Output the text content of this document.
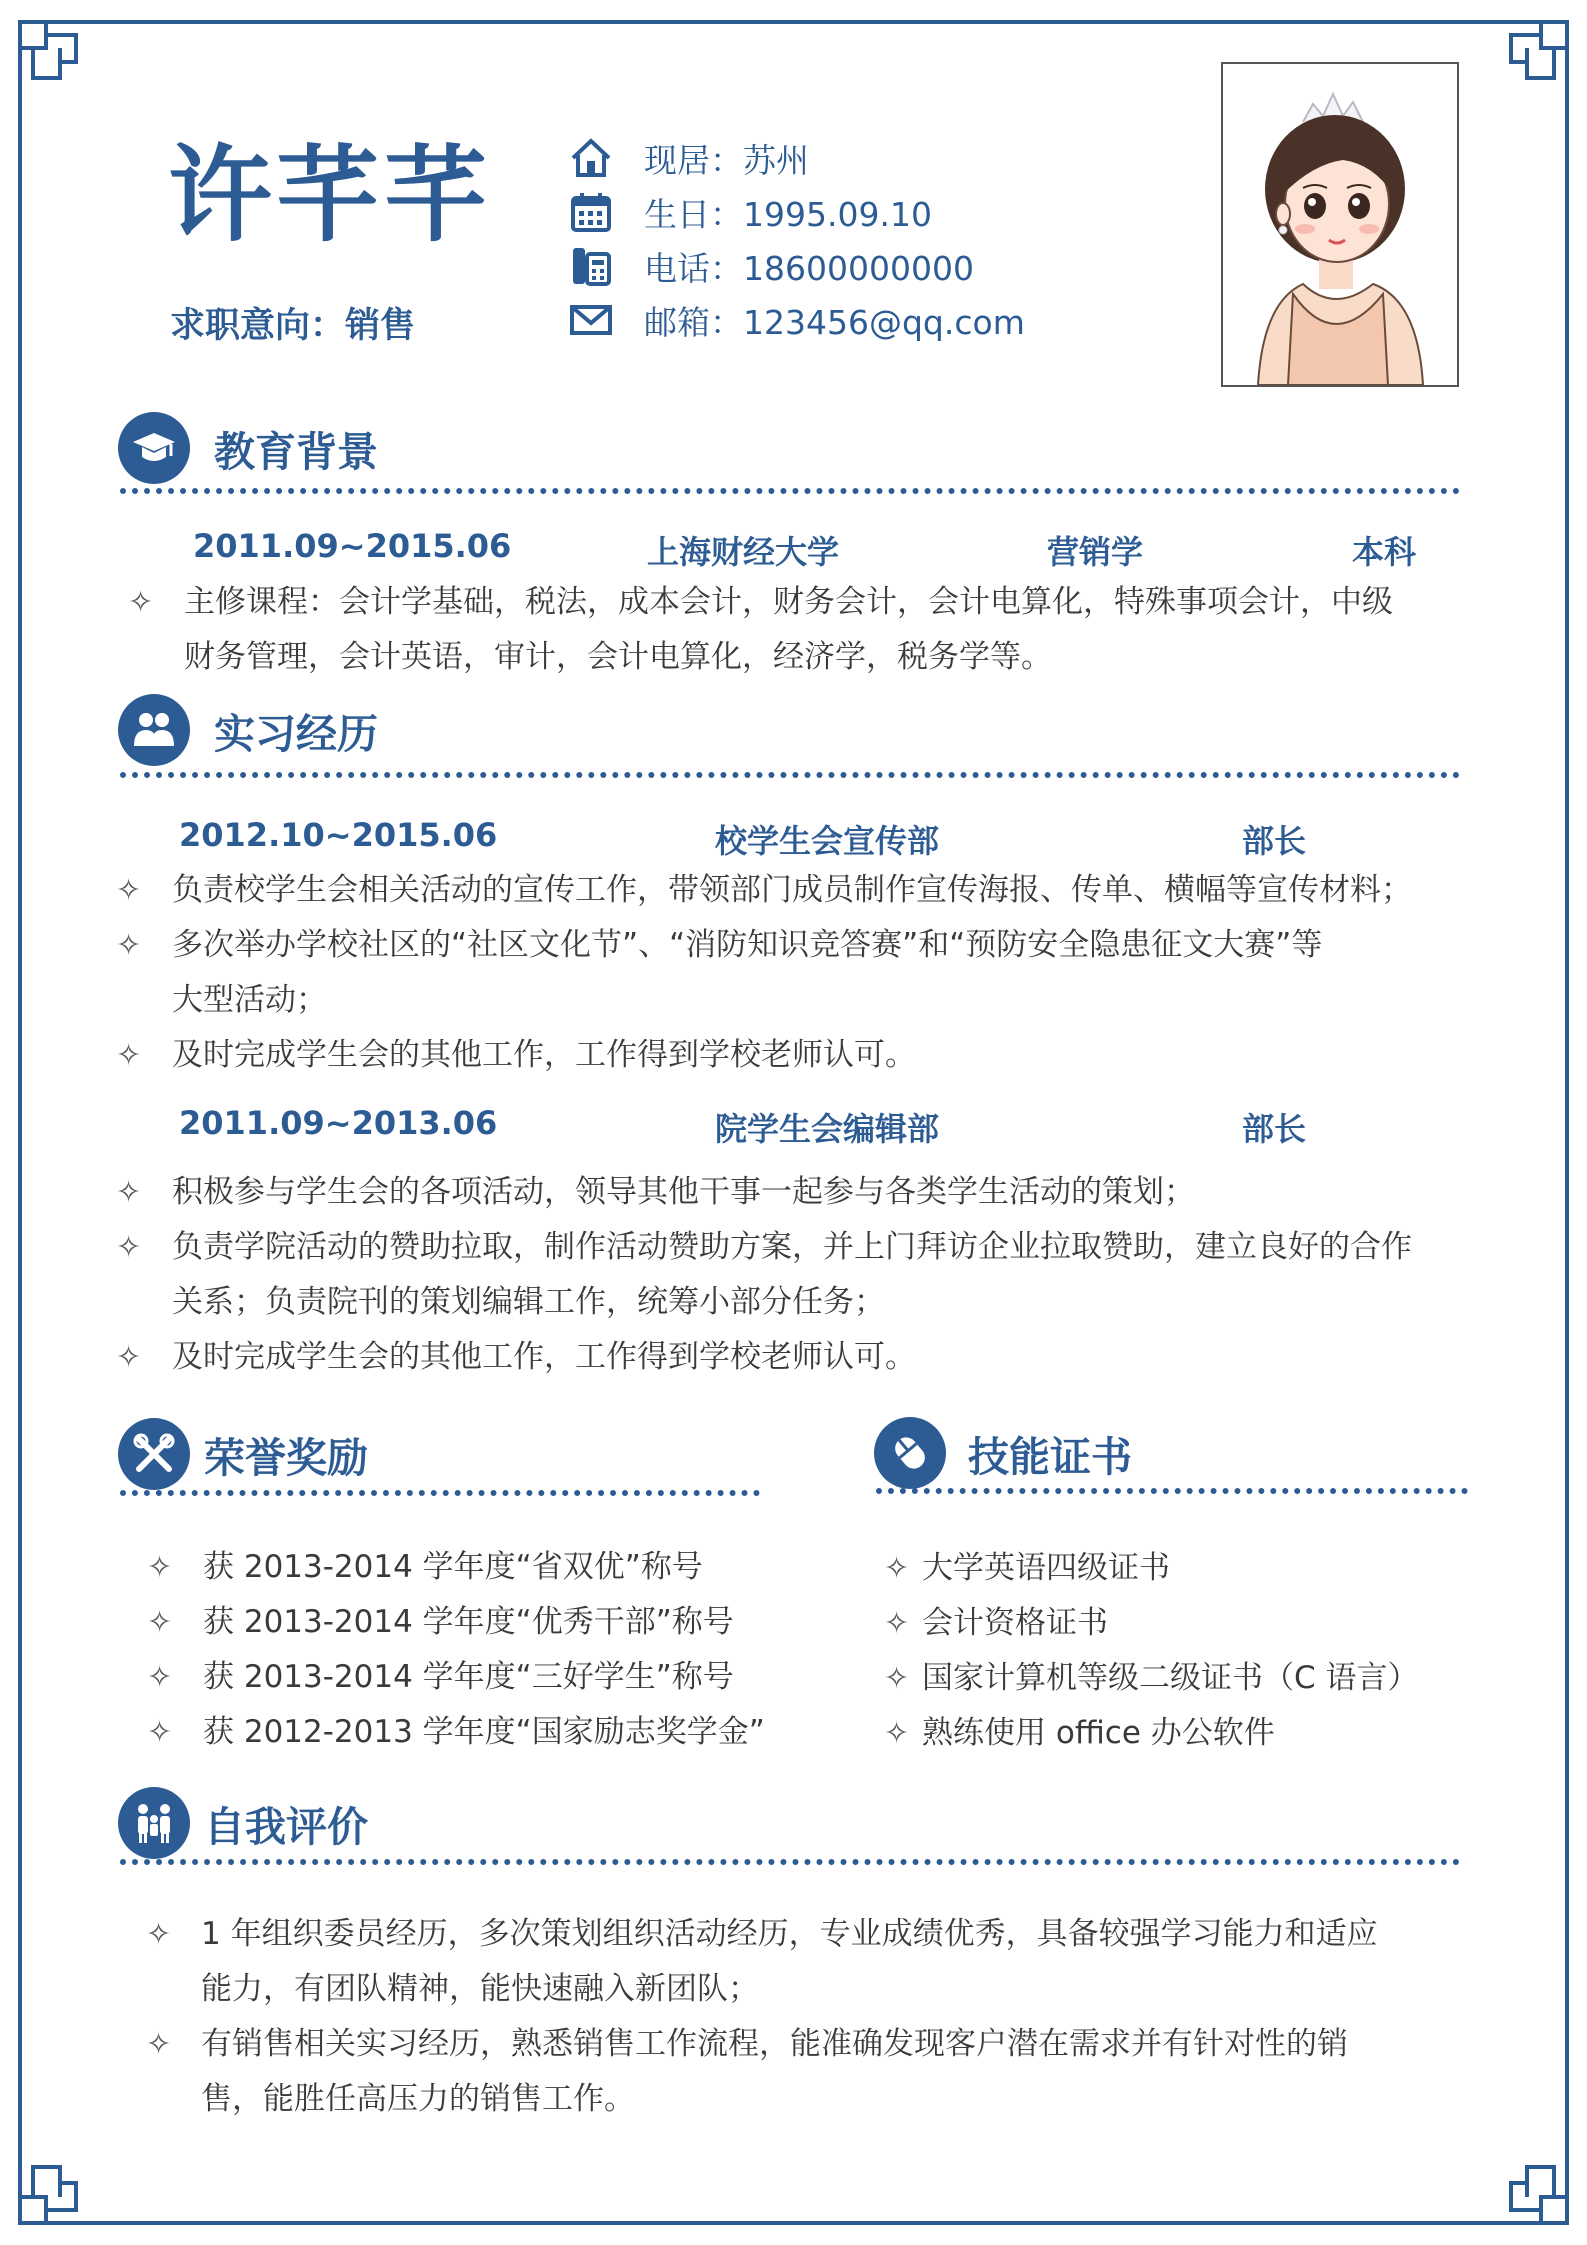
许芊芊
求职意向：销售
现居：苏州
生日：1995.09.10
电话：18600000000
邮箱：123456@qq.com
教育背景
2011.09~2015.06	上海财经大学	营销学	本科
✧ 主修课程：会计学基础，税法，成本会计，财务会计，会计电算化，特殊事项会计，中级
财务管理，会计英语，审计，会计电算化，经济学，税务学等。
实习经历
2012.10~2015.06	校学生会宣传部	部长
✧ 负责校学生会相关活动的宣传工作，带领部门成员制作宣传海报、传单、横幅等宣传材料；
✧ 多次举办学校社区的“社区文化节”、“消防知识竞答赛”和“预防安全隐患征文大赛”等
大型活动；
✧ 及时完成学生会的其他工作，工作得到学校老师认可。
2011.09~2013.06	院学生会编辑部	部长
✧ 积极参与学生会的各项活动，领导其他干事一起参与各类学生活动的策划；
✧ 负责学院活动的赞助拉取，制作活动赞助方案，并上门拜访企业拉取赞助，建立良好的合作
关系；负责院刊的策划编辑工作，统筹小部分任务；
✧ 及时完成学生会的其他工作，工作得到学校老师认可。
荣誉奖励
✧ 获 2013-2014 学年度“省双优”称号
✧ 获 2013-2014 学年度“优秀干部”称号
✧ 获 2013-2014 学年度“三好学生”称号
✧ 获 2012-2013 学年度“国家励志奖学金”
技能证书
✧ 大学英语四级证书
✧ 会计资格证书
✧ 国家计算机等级二级证书（C 语言）
✧ 熟练使用 office 办公软件
自我评价
✧ 1 年组织委员经历，多次策划组织活动经历，专业成绩优秀，具备较强学习能力和适应
能力，有团队精神，能快速融入新团队；
✧ 有销售相关实习经历，熟悉销售工作流程，能准确发现客户潜在需求并有针对性的销
售，能胜任高压力的销售工作。
